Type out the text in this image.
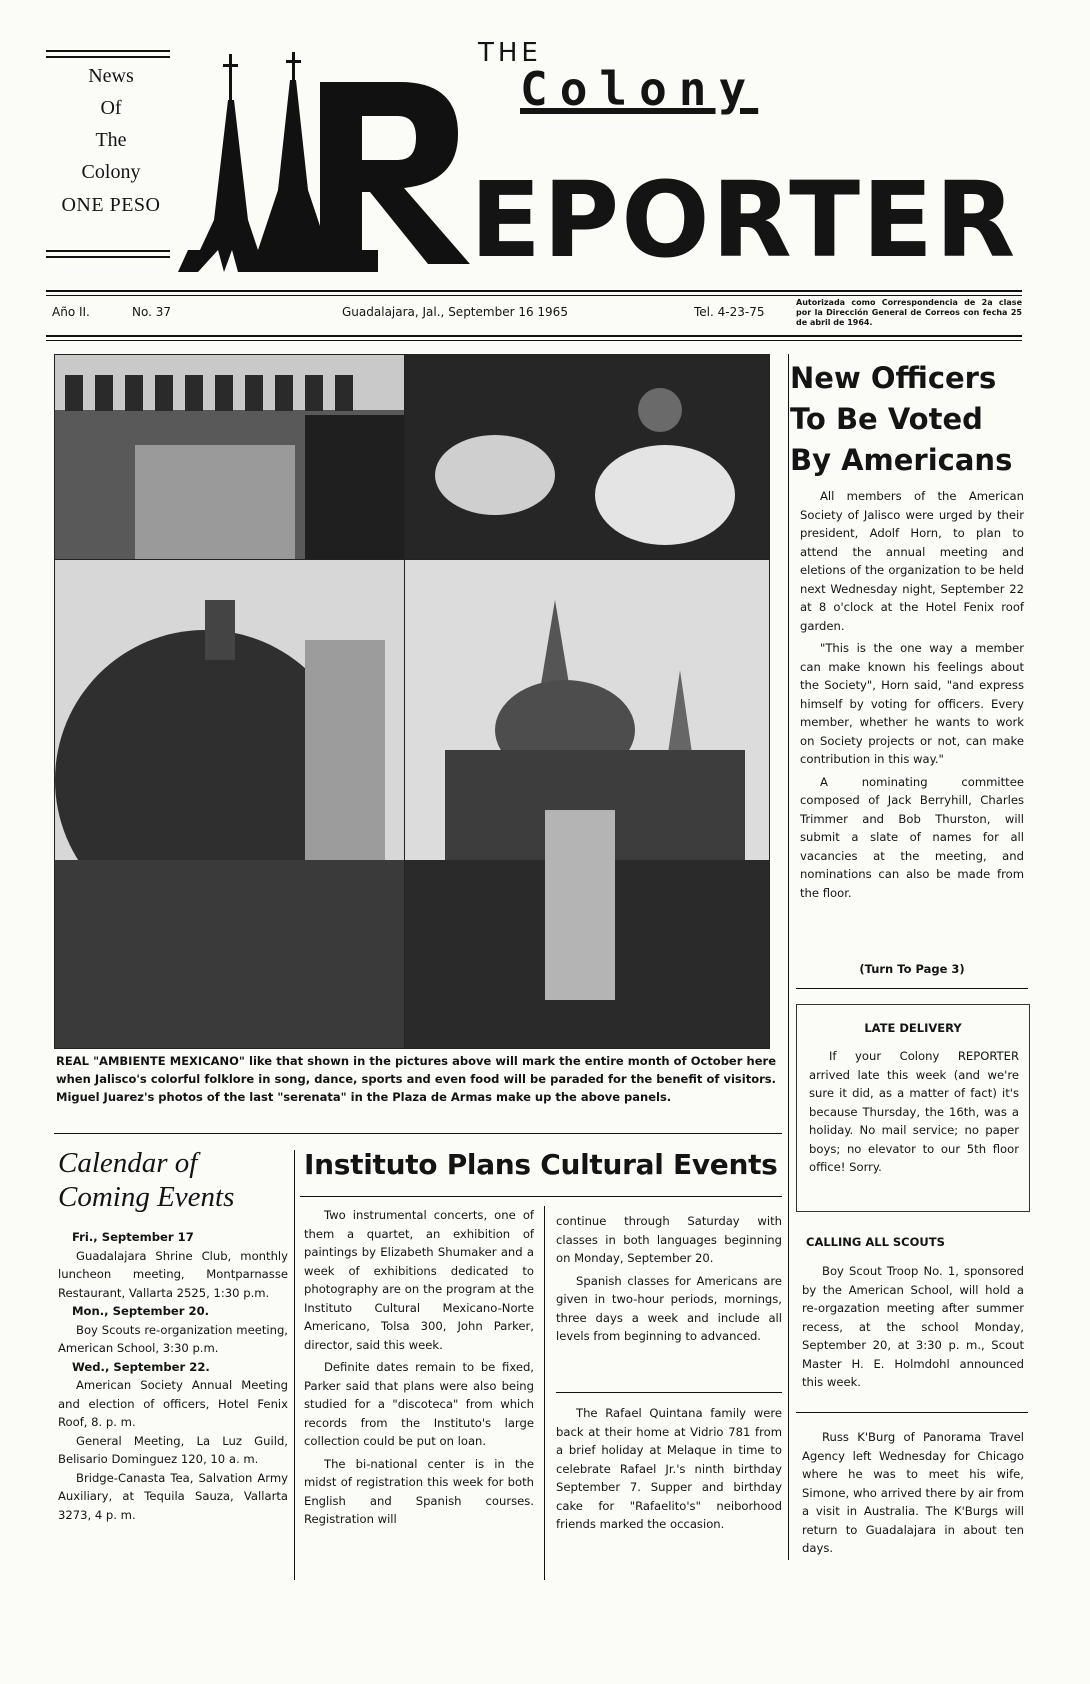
News
Of
The
Colony
ONE PESO
THE
Colony
EPORTER
Año II.	No. 37	Guadalajara, Jal., September 16 1965	Tel. 4-23-75
Autorizada como Correspondencia de 2a clase por la Dirección General de Correos con fecha 25 de abril de 1964.
REAL "AMBIENTE MEXICANO" like that shown in the pictures above will mark the entire month of October here when Jalisco's colorful folklore in song, dance, sports and even food will be paraded for the benefit of visitors. Miguel Juarez's photos of the last "serenata" in the Plaza de Armas make up the above panels.
New Officers
To Be Voted
By Americans

All members of the American Society of Jalisco were urged by their president, Adolf Horn, to plan to attend the annual meeting and eletions of the organization to be held next Wednesday night, September 22 at 8 o'clock at the Hotel Fenix roof garden.

"This is the one way a member can make known his feelings about the Society", Horn said, "and express himself by voting for officers. Every member, whether he wants to work on Society projects or not, can make contribution in this way."

A nominating committee composed of Jack Berryhill, Charles Trimmer and Bob Thurston, will submit a slate of names for all vacancies at the meeting, and nominations can also be made from the floor.

(Turn To Page 3)
LATE DELIVERY

If your Colony REPORTER arrived late this week (and we're sure it did, as a matter of fact) it's because Thursday, the 16th, was a holiday. No mail service; no paper boys; no elevator to our 5th floor office! Sorry.

CALLING ALL SCOUTS

Boy Scout Troop No. 1, sponsored by the American School, will hold a re-orgazation meeting after summer recess, at the school Monday, September 20, at 3:30 p. m., Scout Master H. E. Holmdohl announced this week.

Russ K'Burg of Panorama Travel Agency left Wednesday for Chicago where he was to meet his wife, Simone, who arrived there by air from a visit in Australia. The K'Burgs will return to Guadalajara in about ten days.

Calendar of
Coming Events
Fri., September 17

Guadalajara Shrine Club, monthly luncheon meeting, Montparnasse Restaurant, Vallarta 2525, 1:30 p.m.

Mon., September 20.

Boy Scouts re-organization meeting, American School, 3:30 p.m.

Wed., September 22.

American Society Annual Meeting and election of officers, Hotel Fenix Roof, 8. p. m.

General Meeting, La Luz Guild, Belisario Dominguez 120, 10 a. m.

Bridge-Canasta Tea, Salvation Army Auxiliary, at Tequila Sauza, Vallarta 3273, 4 p. m.

Instituto Plans Cultural Events

Two instrumental concerts, one of them a quartet, an exhibition of paintings by Elizabeth Shumaker and a week of exhibitions dedicated to photography are on the program at the Instituto Cultural Mexicano-Norte Americano, Tolsa 300, John Parker, director, said this week.

Definite dates remain to be fixed, Parker said that plans were also being studied for a "discoteca" from which records from the Instituto's large collection could be put on loan.

The bi-national center is in the midst of registration this week for both English and Spanish courses. Registration will

continue through Saturday with classes in both languages beginning on Monday, September 20.

Spanish classes for Americans are given in two-hour periods, mornings, three days a week and include all levels from beginning to advanced.

The Rafael Quintana family were back at their home at Vidrio 781 from a brief holiday at Melaque in time to celebrate Rafael Jr.'s ninth birthday September 7. Supper and birthday cake for "Rafaelito's" neiborhood friends marked the occasion.
